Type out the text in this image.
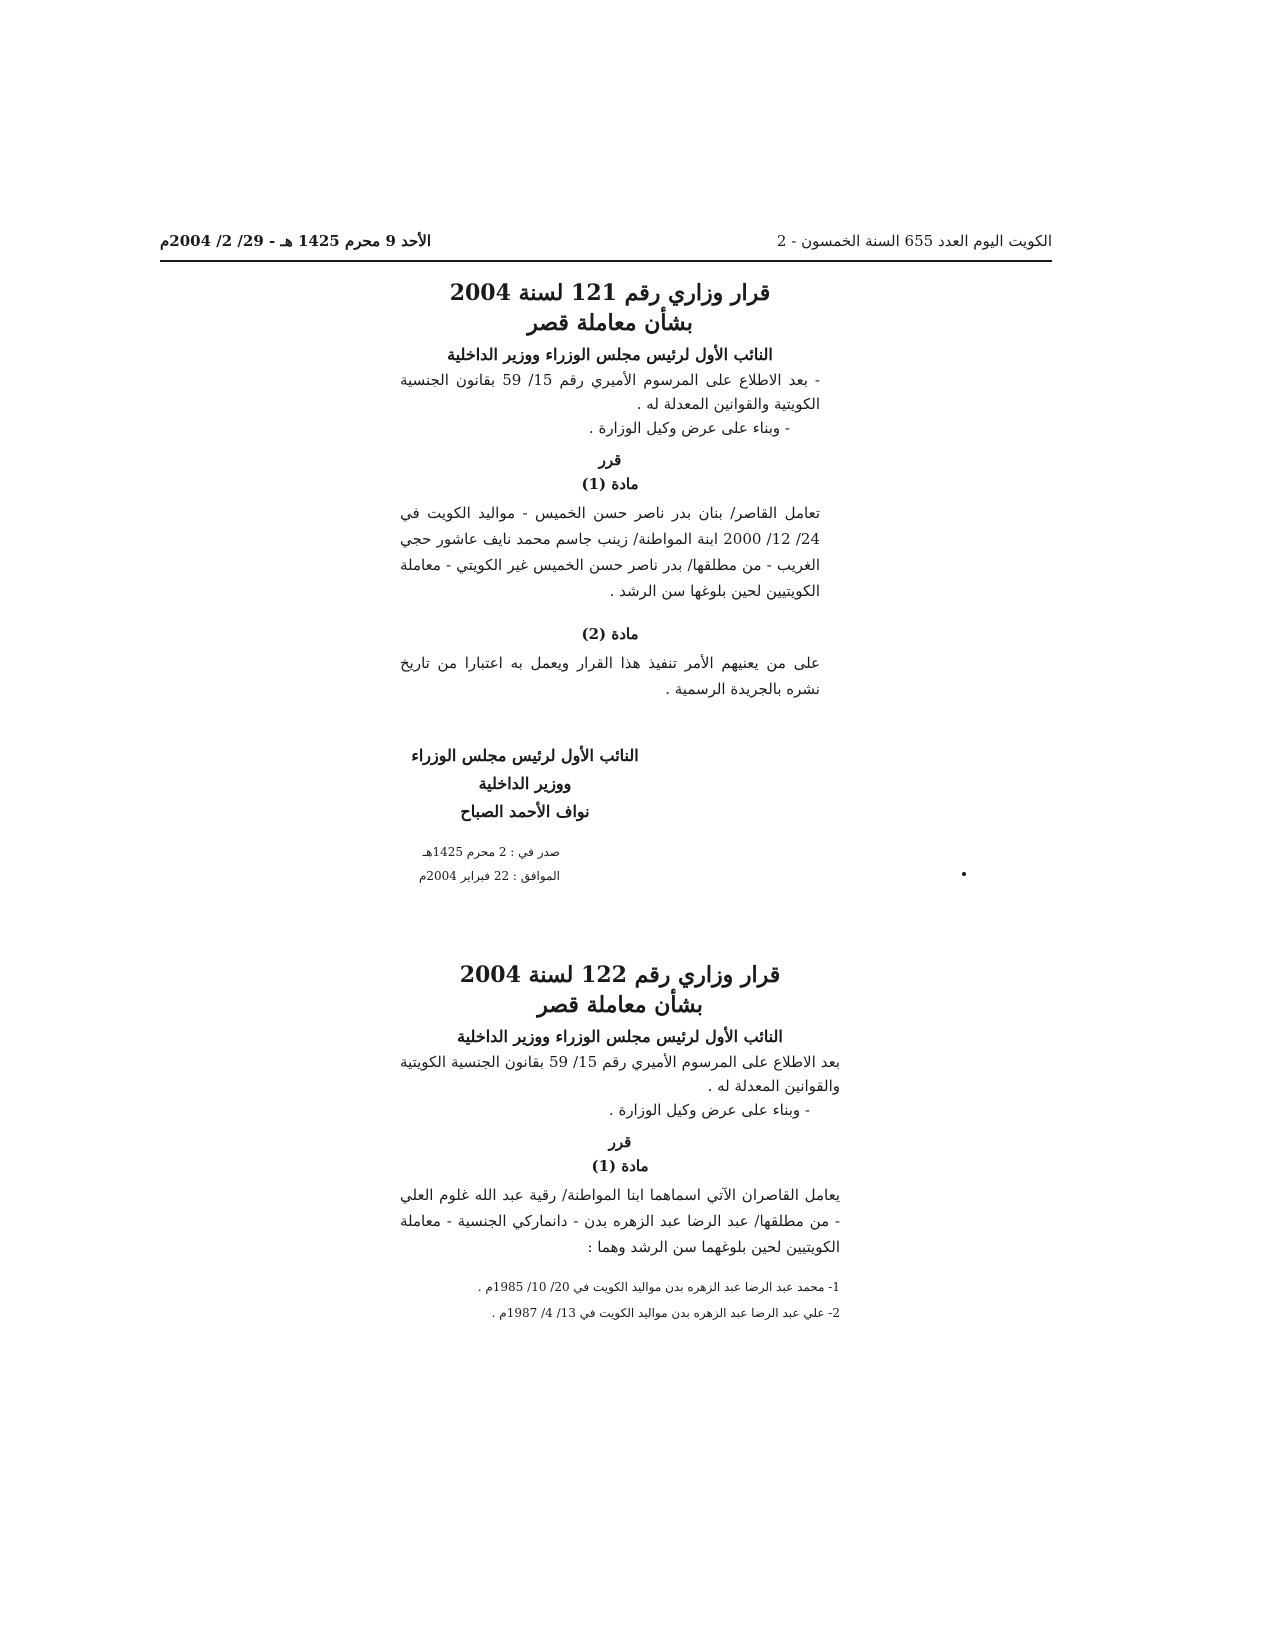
الكويت اليوم العدد 655 السنة الخمسون - 2
الأحد 9 محرم 1425 هـ - 29/ 2/ 2004م

قرار وزاري رقم 121 لسنة 2004

بشأن معاملة قصر

النائب الأول لرئيس مجلس الوزراء ووزير الداخلية

- بعد الاطلاع على المرسوم الأميري رقم 15/ 59 بقانون الجنسية الكويتية والقوانين المعدلة له .

- وبناء على عرض وكيل الوزارة .

قرر

مادة (1)

تعامل القاصر/ بنان بدر ناصر حسن الخميس - مواليد الكويت في 24/ 12/ 2000 ابنة المواطنة/ زينب جاسم محمد نايف عاشور حجي الغريب - من مطلقها/ بدر ناصر حسن الخميس غير الكويتي - معاملة الكويتيين لحين بلوغها سن الرشد .

مادة (2)

على من يعنيهم الأمر تنفيذ هذا القرار ويعمل به اعتبارا من تاريخ نشره بالجريدة الرسمية .

النائب الأول لرئيس مجلس الوزراء
ووزير الداخلية
نواف الأحمد الصباح
صدر في : 2 محرم 1425هـ
الموافق : 22 فبراير 2004م

قرار وزاري رقم 122 لسنة 2004

بشأن معاملة قصر

النائب الأول لرئيس مجلس الوزراء ووزير الداخلية

بعد الاطلاع على المرسوم الأميري رقم 15/ 59 بقانون الجنسية الكويتية والقوانين المعدلة له .

- وبناء على عرض وكيل الوزارة .

قرر

مادة (1)

يعامل القاصران الآتي اسماهما ابنا المواطنة/ رقية عبد الله غلوم العلي - من مطلقها/ عبد الرضا عبد الزهره بدن - دانماركي الجنسية - معاملة الكويتيين لحين بلوغهما سن الرشد وهما :

1- محمد عبد الرضا عبد الزهره بدن مواليد الكويت في 20/ 10/ 1985م .
2- علي عبد الرضا عبد الزهره بدن مواليد الكويت في 13/ 4/ 1987م .
